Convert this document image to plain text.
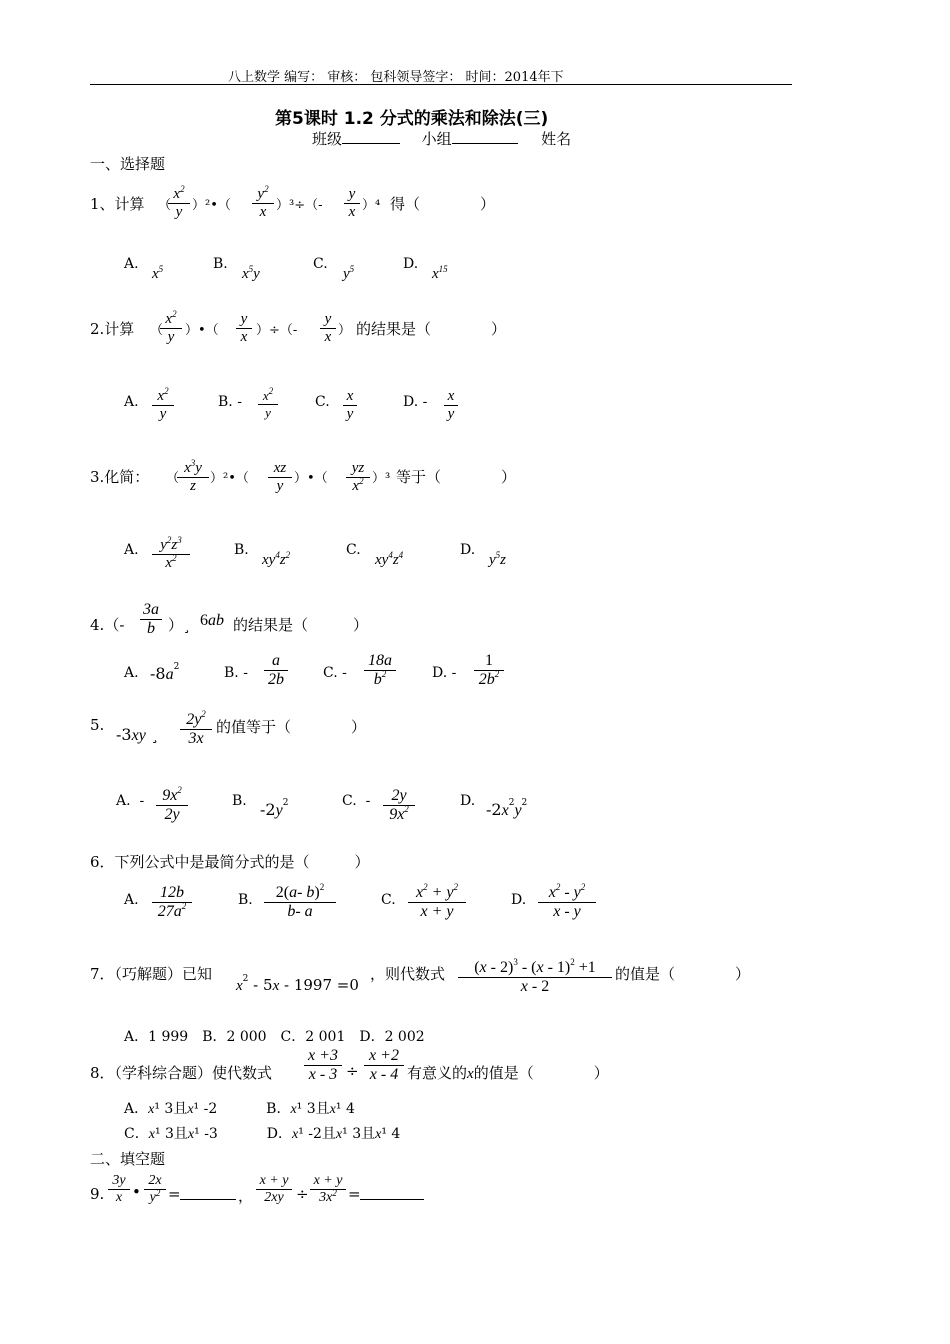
八上数学 编写： 审核： 包科领导签字： 时间：2014年下
第5课时 1.2 分式的乘法和除法(三)
班级	小组	姓名
一、选择题
1、计算 （
$x^2$
y ）²•（
$y^2$
x ）³÷（-
y
x ）⁴ 得（　　　　）
A.
$x^5$	B.
$x^5y$
C.
$y^5$	D.
$x^{15}$
2.计算 （
$x^2$
y ）•（
y
x ）÷（-
y
x ） 的结果是（　　　　）
A.	$x^2$
y
B. -	$x^2$
y
C. x
y
D. - x
y
3.化简： （
$x^3y$
z	）²•（
xz
y ）•（
yz
$x^2$ ）³ 等于（　　　　）
A.	$y^2z^3$
$x^2$	B.
$xy^4z^2$	C.
$xy^4z^4$	D.
$y^5z$
4.（-
3a
b ）¸ 6ab 的结果是（　　　）
A. $-8a^2$	B. -
a
2b	C. -
18a
$b^2$	D. -
1
$2b^2$
5. -3xy ¸
$2y^2$
3x
的值等于（　　　　）
A.  -	$9x^2$
2y
B. $-2y^2$	C.  -	2y
$9x^2$	D. $-2x^2y^2$
6．下列公式中是最简分式的是（　　　）
A.	12b
$27a^2$	B.	2(a- b)$^2$
b- a
C.	$x^2 + y^2$
x + y
D.	$x^2 - y^2$
x - y
7．（巧解题）已知
$x^2 - 5x - 1997 =0$
，则代数式	(x - 2)$^3$ - (x - 1)$^2$ +1
x - 2
的值是（　　　　）
A．1 999　B．2 000　C．2 001　D．2 002
8．（学科综合题）使代数式
x +3
x - 3 ÷
x +2
x - 4 有意义的x的值是（　　　　）
A．x¹ 3且x¹ -2	B．x¹ 3且x¹ 4
C．x¹ 3且x¹ -3	D．x¹ -2且x¹ 3且x¹ 4
二、填空题
9.
3y
x •
2x
$y^2$ =	，
x + y
2xy ÷
x + y
$3x^2$ =
